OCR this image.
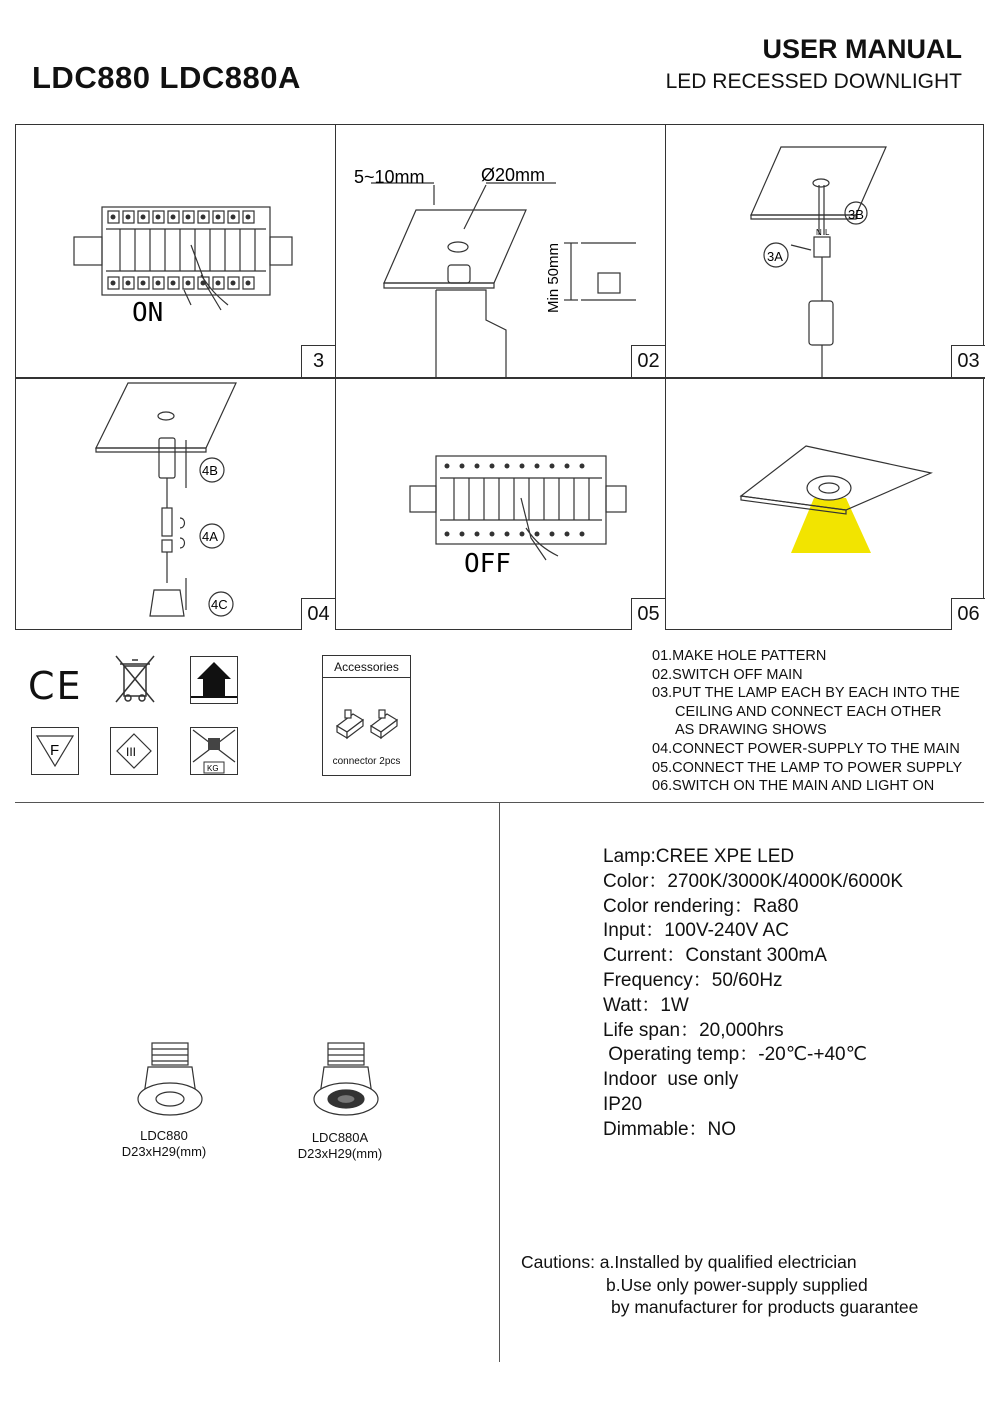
LDC880 LDC880A
USER MANUAL
LED RECESSED DOWNLIGHT
ON
3
5~10mm	Ø20mm
Min 50mm
02
3B
3A
N L
03
4B
4A
4C	04
OFF
05	06
CE
F	III
KG
Accessories
connector 2pcs
01.MAKE HOLE PATTERN
02.SWITCH OFF MAIN
03.PUT THE LAMP EACH BY EACH INTO THE
CEILING AND CONNECT EACH OTHER
AS DRAWING SHOWS
04.CONNECT POWER-SUPPLY TO THE MAIN
05.CONNECT THE LAMP TO POWER SUPPLY
06.SWITCH ON THE MAIN AND LIGHT ON
LDC880
D23xH29(mm)
LDC880A
D23xH29(mm)
Lamp:CREE XPE LED
Color：2700K/3000K/4000K/6000K
Color rendering：Ra80
Input：100V-240V AC
Current：Constant 300mA
Frequency：50/60Hz
Watt：1W
Life span：20,000hrs
Operating temp：-20℃-+40℃
Indoor  use only
IP20
Dimmable：NO
Cautions: a.Installed by qualified electrician
b.Use only power-supply supplied
by manufacturer for products guarantee
